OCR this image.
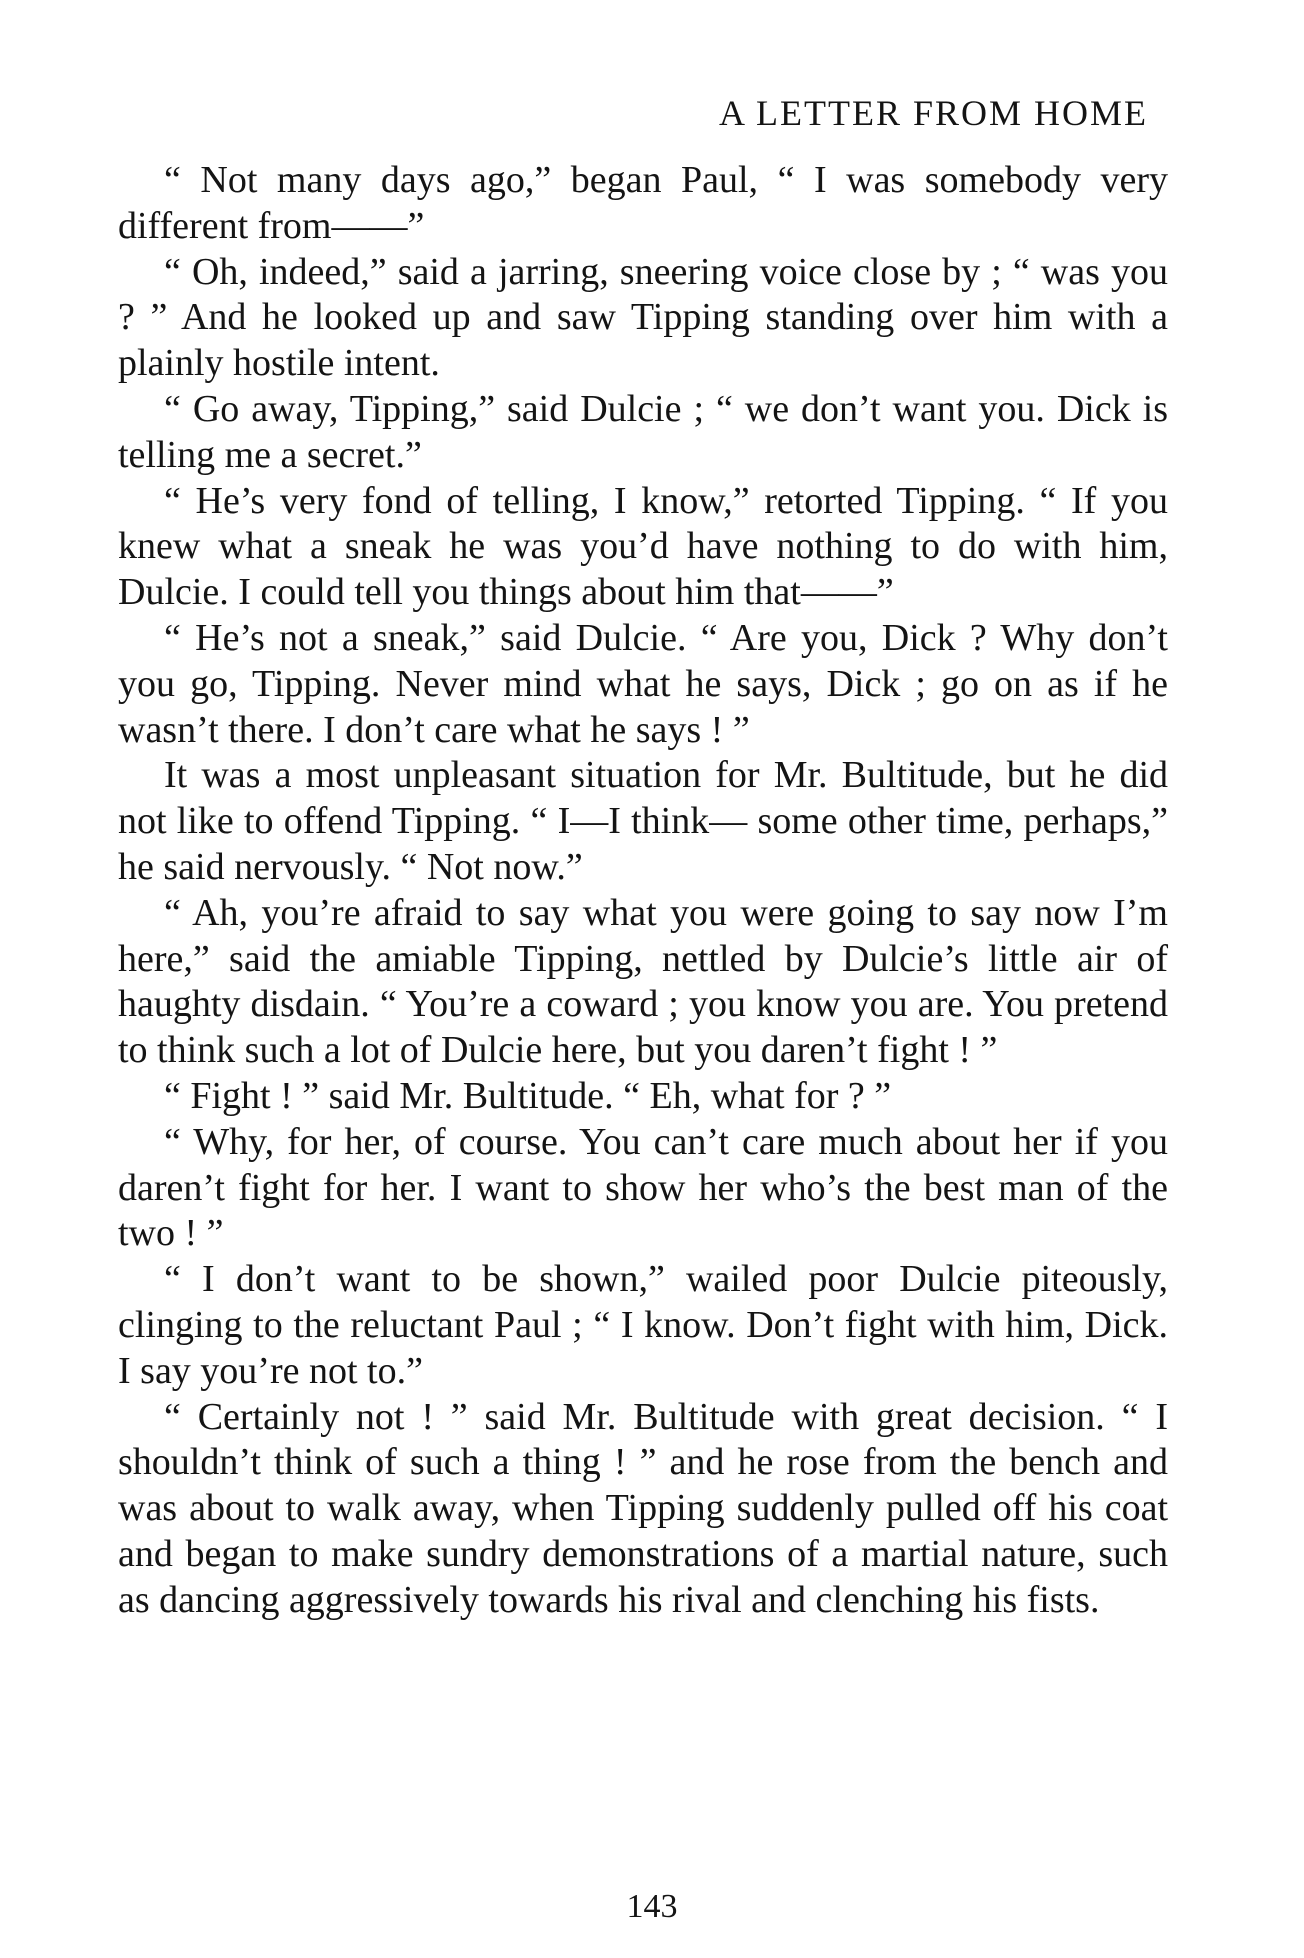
A LETTER FROM HOME

“ Not many days ago,” began Paul, “ I was somebody very different from——”

“ Oh, indeed,” said a jarring, sneering voice close by ; “ was you ? ” And he looked up and saw Tipping standing over him with a plainly hostile intent.

“ Go away, Tipping,” said Dulcie ; “ we don’t want you. Dick is telling me a secret.”

“ He’s very fond of telling, I know,” retorted Tipping. “ If you knew what a sneak he was you’d have nothing to do with him, Dulcie. I could tell you things about him that——”

“ He’s not a sneak,” said Dulcie. “ Are you, Dick ? Why don’t you go, Tipping. Never mind what he says, Dick ; go on as if he wasn’t there. I don’t care what he says ! ”

It was a most unpleasant situation for Mr. Bultitude, but he did not like to offend Tipping. “ I—I think— some other time, perhaps,” he said nervously. “ Not now.”

“ Ah, you’re afraid to say what you were going to say now I’m here,” said the amiable Tipping, nettled by Dulcie’s little air of haughty disdain. “ You’re a coward ; you know you are. You pretend to think such a lot of Dulcie here, but you daren’t fight ! ”

“ Fight ! ” said Mr. Bultitude. “ Eh, what for ? ”

“ Why, for her, of course. You can’t care much about her if you daren’t fight for her. I want to show her who’s the best man of the two ! ”

“ I don’t want to be shown,” wailed poor Dulcie piteously, clinging to the reluctant Paul ; “ I know. Don’t fight with him, Dick. I say you’re not to.”

“ Certainly not ! ” said Mr. Bultitude with great decision. “ I shouldn’t think of such a thing ! ” and he rose from the bench and was about to walk away, when Tipping suddenly pulled off his coat and began to make sundry demonstrations of a martial nature, such as dancing aggressively towards his rival and clenching his fists.

143
